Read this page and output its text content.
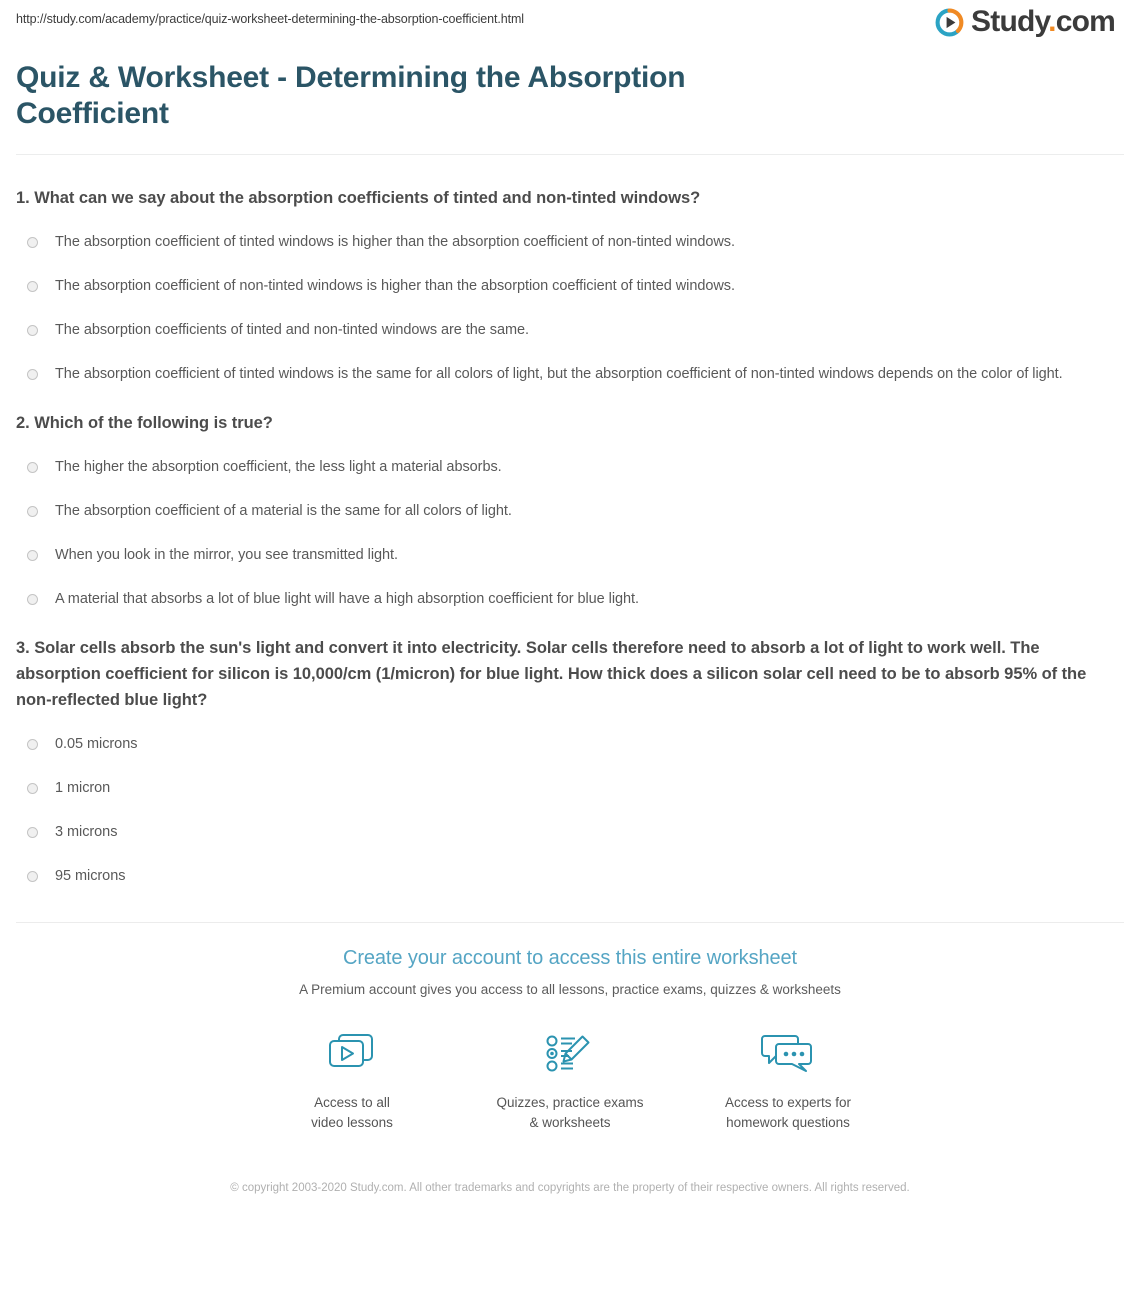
http://study.com/academy/practice/quiz-worksheet-determining-the-absorption-coefficient.html	Study.com
Quiz & Worksheet - Determining the Absorption Coefficient

1. What can we say about the absorption coefficients of tinted and non-tinted windows?

The absorption coefficient of tinted windows is higher than the absorption coefficient of non-tinted windows.
The absorption coefficient of non-tinted windows is higher than the absorption coefficient of tinted windows.
The absorption coefficients of tinted and non-tinted windows are the same.
The absorption coefficient of tinted windows is the same for all colors of light, but the absorption coefficient of non-tinted windows depends on the color of light.

2. Which of the following is true?

The higher the absorption coefficient, the less light a material absorbs.
The absorption coefficient of a material is the same for all colors of light.
When you look in the mirror, you see transmitted light.
A material that absorbs a lot of blue light will have a high absorption coefficient for blue light.

3. Solar cells absorb the sun's light and convert it into electricity. Solar cells therefore need to absorb a lot of light to work well. The absorption coefficient for silicon is 10,000/cm (1/micron) for blue light. How thick does a silicon solar cell need to be to absorb 95% of the non-reflected blue light?

0.05 microns
1 micron
3 microns
95 microns
Create your account to access this entire worksheet
A Premium account gives you access to all lessons, practice exams, quizzes & worksheets
Access to all
video lessons
Quizzes, practice exams
& worksheets
Access to experts for
homework questions
© copyright 2003-2020 Study.com. All other trademarks and copyrights are the property of their respective owners. All rights reserved.
